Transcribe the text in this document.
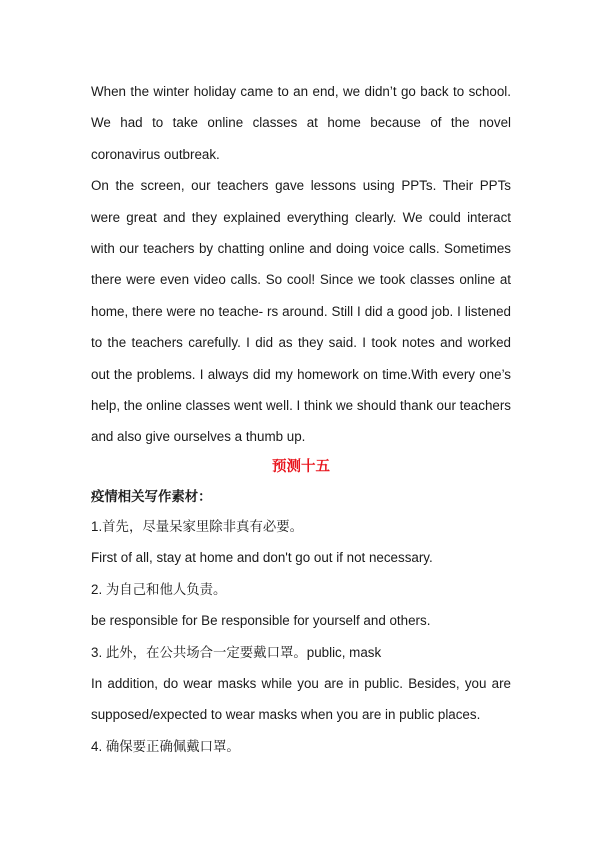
When the winter holiday came to an end, we didn’t go back to school. We had to take online classes at home because of the novel coronavirus outbreak.

On the screen, our teachers gave lessons using PPTs. Their PPTs were great and they explained everything clearly. We could interact with our teachers by chatting online and doing voice calls. Sometimes there were even video calls. So cool! Since we took classes online at home, there were no teache- rs around. Still I did a good job. I listened to the teachers carefully. I did as they said. I took notes and worked out the problems. I always did my homework on time.With every one’s help, the online classes went well. I think we should thank our teachers and also give ourselves a thumb up.

预测十五

疫情相关写作素材：

1.首先，尽量呆家里除非真有必要。

First of all, stay at home and don't go out if not necessary.

2. 为自己和他人负责。

be responsible for Be responsible for yourself and others.

3. 此外，在公共场合一定要戴口罩。public, mask

In addition, do wear masks while you are in public. Besides, you are supposed/expected to wear masks when you are in public places.

4. 确保要正确佩戴口罩。
